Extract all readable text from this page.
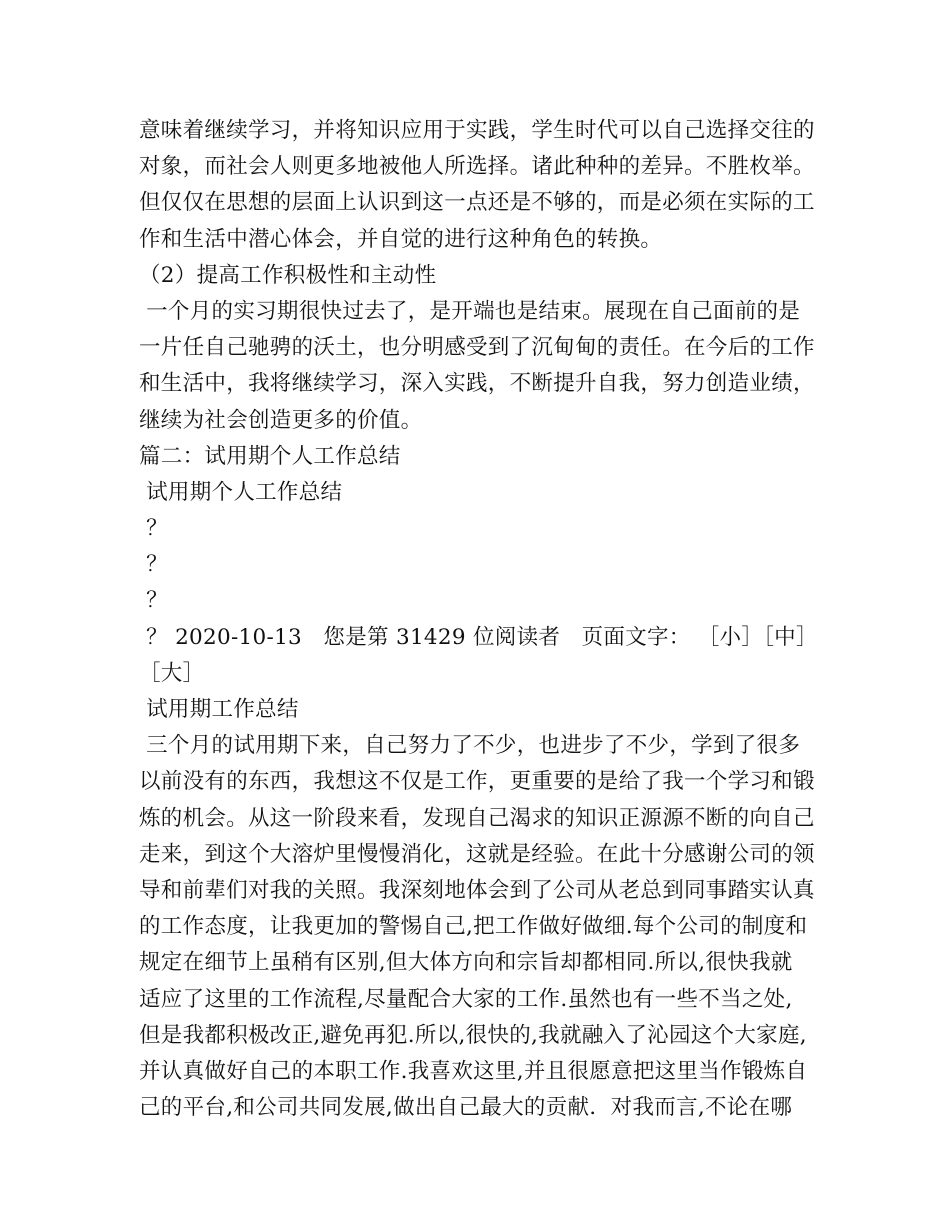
意味着继续学习，并将知识应用于实践，学生时代可以自己选择交往的
对象，而社会人则更多地被他人所选择。诸此种种的差异。不胜枚举。
但仅仅在思想的层面上认识到这一点还是不够的，而是必须在实际的工
作和生活中潜心体会，并自觉的进行这种角色的转换。
（2）提高工作积极性和主动性
一个月的实习期很快过去了，是开端也是结束。展现在自己面前的是
一片任自己驰骋的沃土，也分明感受到了沉甸甸的责任。在今后的工作
和生活中，我将继续学习，深入实践，不断提升自我，努力创造业绩，
继续为社会创造更多的价值。
篇二：试用期个人工作总结
试用期个人工作总结
？
？
？
？ 2020-10-13   您是第 31429 位阅读者   页面文字： ［小］［中］
［大］
试用期工作总结
三个月的试用期下来，自己努力了不少，也进步了不少，学到了很多
以前没有的东西，我想这不仅是工作，更重要的是给了我一个学习和锻
炼的机会。从这一阶段来看，发现自己渴求的知识正源源不断的向自己
走来，到这个大溶炉里慢慢消化，这就是经验。在此十分感谢公司的领
导和前辈们对我的关照。我深刻地体会到了公司从老总到同事踏实认真
的工作态度，让我更加的警惕自己,把工作做好做细.每个公司的制度和
规定在细节上虽稍有区别,但大体方向和宗旨却都相同.所以,很快我就
适应了这里的工作流程,尽量配合大家的工作.虽然也有一些不当之处,
但是我都积极改正,避免再犯.所以,很快的,我就融入了沁园这个大家庭,
并认真做好自己的本职工作.我喜欢这里,并且很愿意把这里当作锻炼自
己的平台,和公司共同发展,做出自己最大的贡献.  对我而言,不论在哪
